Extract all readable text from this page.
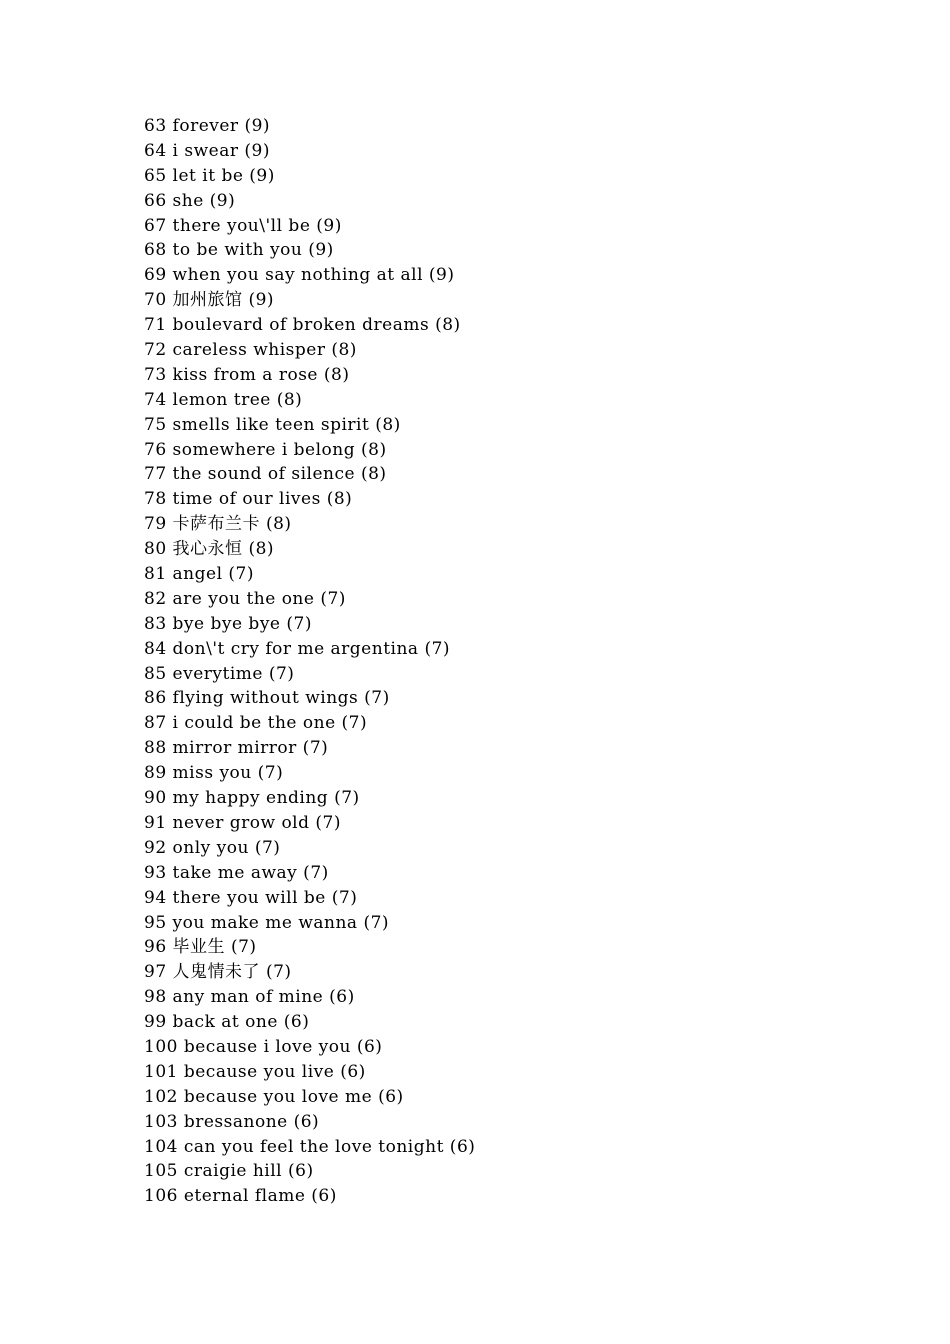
63 forever (9)
64 i swear (9)
65 let it be (9)
66 she (9)
67 there you\'ll be (9)
68 to be with you (9)
69 when you say nothing at all (9)
70 加州旅馆 (9)
71 boulevard of broken dreams (8)
72 careless whisper (8)
73 kiss from a rose (8)
74 lemon tree (8)
75 smells like teen spirit (8)
76 somewhere i belong (8)
77 the sound of silence (8)
78 time of our lives (8)
79 卡萨布兰卡 (8)
80 我心永恒 (8)
81 angel (7)
82 are you the one (7)
83 bye bye bye (7)
84 don\'t cry for me argentina (7)
85 everytime (7)
86 flying without wings (7)
87 i could be the one (7)
88 mirror mirror (7)
89 miss you (7)
90 my happy ending (7)
91 never grow old (7)
92 only you (7)
93 take me away (7)
94 there you will be (7)
95 you make me wanna (7)
96 毕业生 (7)
97 人鬼情未了 (7)
98 any man of mine (6)
99 back at one (6)
100 because i love you (6)
101 because you live (6)
102 because you love me (6)
103 bressanone (6)
104 can you feel the love tonight (6)
105 craigie hill (6)
106 eternal flame (6)
